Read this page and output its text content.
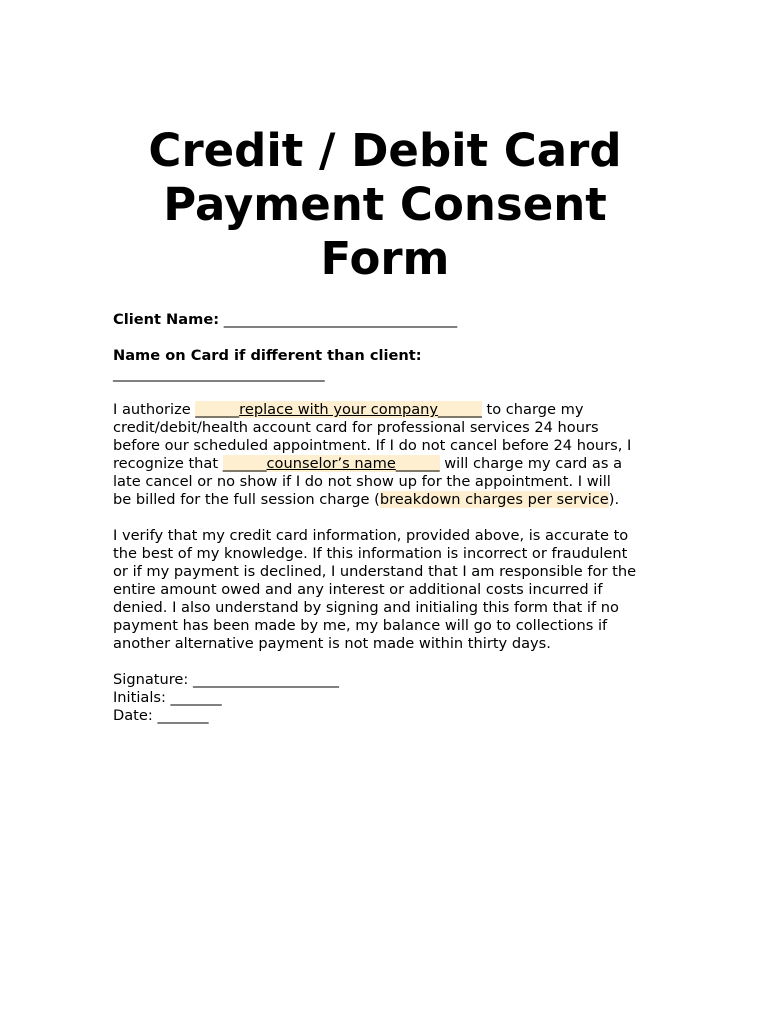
Credit / Debit Card
Payment Consent
Form

Client Name: ________________________________

Name on Card if different than client:

_____________________________

I authorize ______replace with your company______ to charge my

credit/debit/health account card for professional services 24 hours

before our scheduled appointment. If I do not cancel before 24 hours, I

recognize that ______counselor’s name______ will charge my card as a

late cancel or no show if I do not show up for the appointment. I will

be billed for the full session charge (breakdown charges per service).

I verify that my credit card information, provided above, is accurate to

the best of my knowledge. If this information is incorrect or fraudulent

or if my payment is declined, I understand that I am responsible for the

entire amount owed and any interest or additional costs incurred if

denied. I also understand by signing and initialing this form that if no

payment has been made by me, my balance will go to collections if

another alternative payment is not made within thirty days.

Signature: ____________________

Initials: _______

Date: _______
